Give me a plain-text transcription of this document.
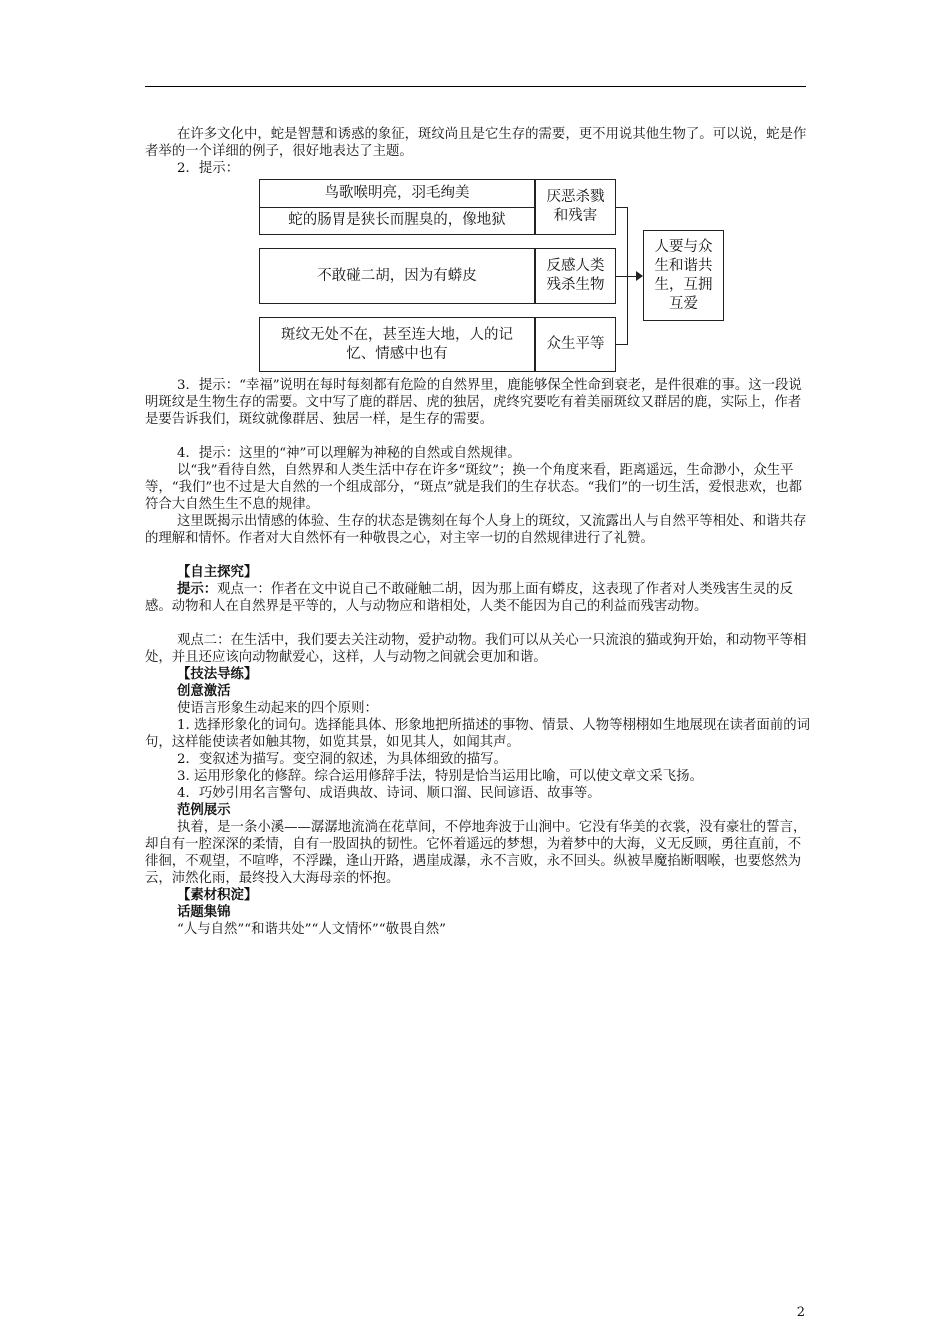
在许多文化中，蛇是智慧和诱惑的象征，斑纹尚且是它生存的需要，更不用说其他生物了。可以说，蛇是作者举的一个详细的例子，很好地表达了主题。

2．提示：

鸟歌喉明亮，羽毛绚美
蛇的肠胃是狭长而腥臭的，像地狱
厌恶杀戮和残害
不敢碰二胡，因为有蟒皮
反感人类残杀生物
斑纹无处不在，甚至连大地，人的记忆、情感中也有
众生平等
人要与众生和谐共生，互拥互爱

3．提示：“幸福”说明在每时每刻都有危险的自然界里，鹿能够保全性命到衰老，是件很难的事。这一段说明斑纹是生物生存的需要。文中写了鹿的群居、虎的独居，虎终究要吃有着美丽斑纹又群居的鹿，实际上，作者是要告诉我们，斑纹就像群居、独居一样，是生存的需要。

4．提示：这里的“神”可以理解为神秘的自然或自然规律。

以“我”看待自然，自然界和人类生活中存在许多“斑纹”；换一个角度来看，距离遥远，生命渺小，众生平等，“我们”也不过是大自然的一个组成部分，“斑点”就是我们的生存状态。“我们”的一切生活，爱恨悲欢，也都符合大自然生生不息的规律。

这里既揭示出情感的体验、生存的状态是镌刻在每个人身上的斑纹，又流露出人与自然平等相处、和谐共存的理解和情怀。作者对大自然怀有一种敬畏之心，对主宰一切的自然规律进行了礼赞。

【自主探究】

提示：观点一：作者在文中说自己不敢碰触二胡，因为那上面有蟒皮，这表现了作者对人类残害生灵的反感。动物和人在自然界是平等的，人与动物应和谐相处，人类不能因为自己的利益而残害动物。

观点二：在生活中，我们要去关注动物，爱护动物。我们可以从关心一只流浪的猫或狗开始，和动物平等相处，并且还应该向动物献爱心，这样，人与动物之间就会更加和谐。

【技法导练】

创意激活

使语言形象生动起来的四个原则：

1. 选择形象化的词句。选择能具体、形象地把所描述的事物、情景、人物等栩栩如生地展现在读者面前的词句，这样能使读者如触其物，如览其景，如见其人，如闻其声。

2．变叙述为描写。变空洞的叙述，为具体细致的描写。

3. 运用形象化的修辞。综合运用修辞手法，特别是恰当运用比喻，可以使文章文采飞扬。

4．巧妙引用名言警句、成语典故、诗词、顺口溜、民间谚语、故事等。

范例展示

执着，是一条小溪——潺潺地流淌在花草间，不停地奔波于山涧中。它没有华美的衣裳，没有豪壮的誓言，却自有一腔深深的柔情，自有一股固执的韧性。它怀着遥远的梦想，为着梦中的大海，义无反顾，勇往直前，不徘徊，不观望，不喧哗，不浮躁，逢山开路，遇崖成瀑，永不言败，永不回头。纵被旱魔掐断咽喉，也要悠然为云，沛然化雨，最终投入大海母亲的怀抱。

【素材积淀】

话题集锦

“人与自然”“和谐共处”“人文情怀”“敬畏自然”

2
